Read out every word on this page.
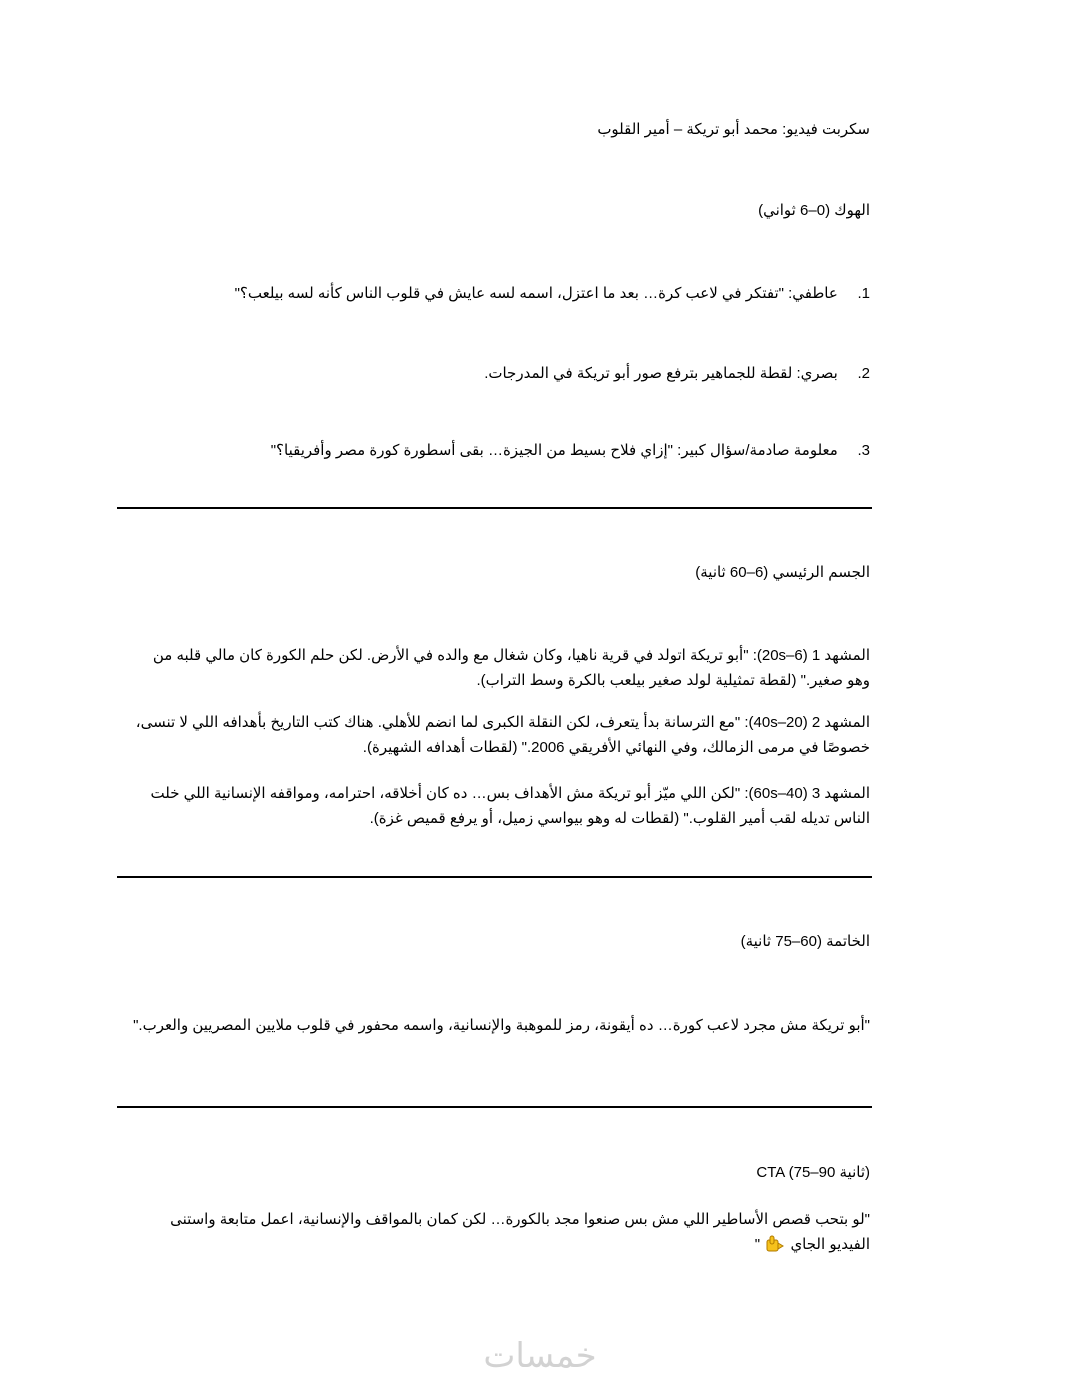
سكربت فيديو: محمد أبو تريكة – أمير القلوب
الهوك (0–6 ثواني)
.1 عاطفي: "تفتكر في لاعب كرة… بعد ما اعتزل، اسمه لسه عايش في قلوب الناس كأنه لسه بيلعب؟"
.2 بصري: لقطة للجماهير بترفع صور أبو تريكة في المدرجات.
.3 معلومة صادمة/سؤال كبير: "إزاي فلاح بسيط من الجيزة… بقى أسطورة كورة مصر وأفريقيا؟"
الجسم الرئيسي (6–60 ثانية)
المشهد 1 (6–20s): "أبو تريكة اتولد في قرية ناهيا، وكان شغال مع والده في الأرض. لكن حلم الكورة كان مالي قلبه من وهو صغير." (لقطة تمثيلية لولد صغير بيلعب بالكرة وسط التراب).
المشهد 2 (20–40s): "مع الترسانة بدأ يتعرف، لكن النقلة الكبرى لما انضم للأهلي. هناك كتب التاريخ بأهدافه اللي لا تنسى، خصوصًا في مرمى الزمالك، وفي النهائي الأفريقي 2006." (لقطات أهدافه الشهيرة).
المشهد 3 (40–60s): "لكن اللي ميّز أبو تريكة مش الأهداف بس… ده كان أخلاقه، احترامه، ومواقفه الإنسانية اللي خلت الناس تديله لقب أمير القلوب." (لقطات له وهو بيواسي زميل، أو يرفع قميص غزة).
الخاتمة (60–75 ثانية)
"أبو تريكة مش مجرد لاعب كورة… ده أيقونة، رمز للموهبة والإنسانية، واسمه محفور في قلوب ملايين المصريين والعرب."
CTA (75–90 ثانية)
"لو بتحب قصص الأساطير اللي مش بس صنعوا مجد بالكورة… لكن كمان بالمواقف والإنسانية، اعمل متابعة واستنى الفيديو الجاي  "
خمسات
